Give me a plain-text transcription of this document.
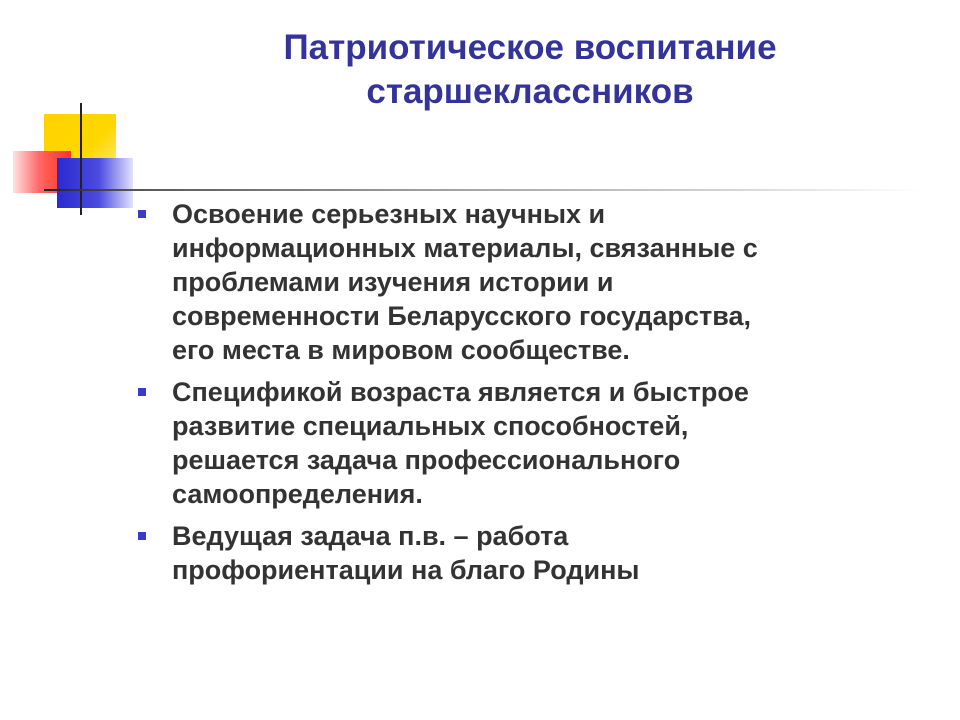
Патриотическое воспитание
старшеклассников
Освоение серьезных научных и
информационных материалы, связанные с
проблемами изучения истории и
современности Беларусского государства,
его места в мировом сообществе.
Спецификой возраста является и быстрое
развитие специальных способностей,
решается задача профессионального
самоопределения.
Ведущая задача п.в. – работа
профориентации на благо Родины
